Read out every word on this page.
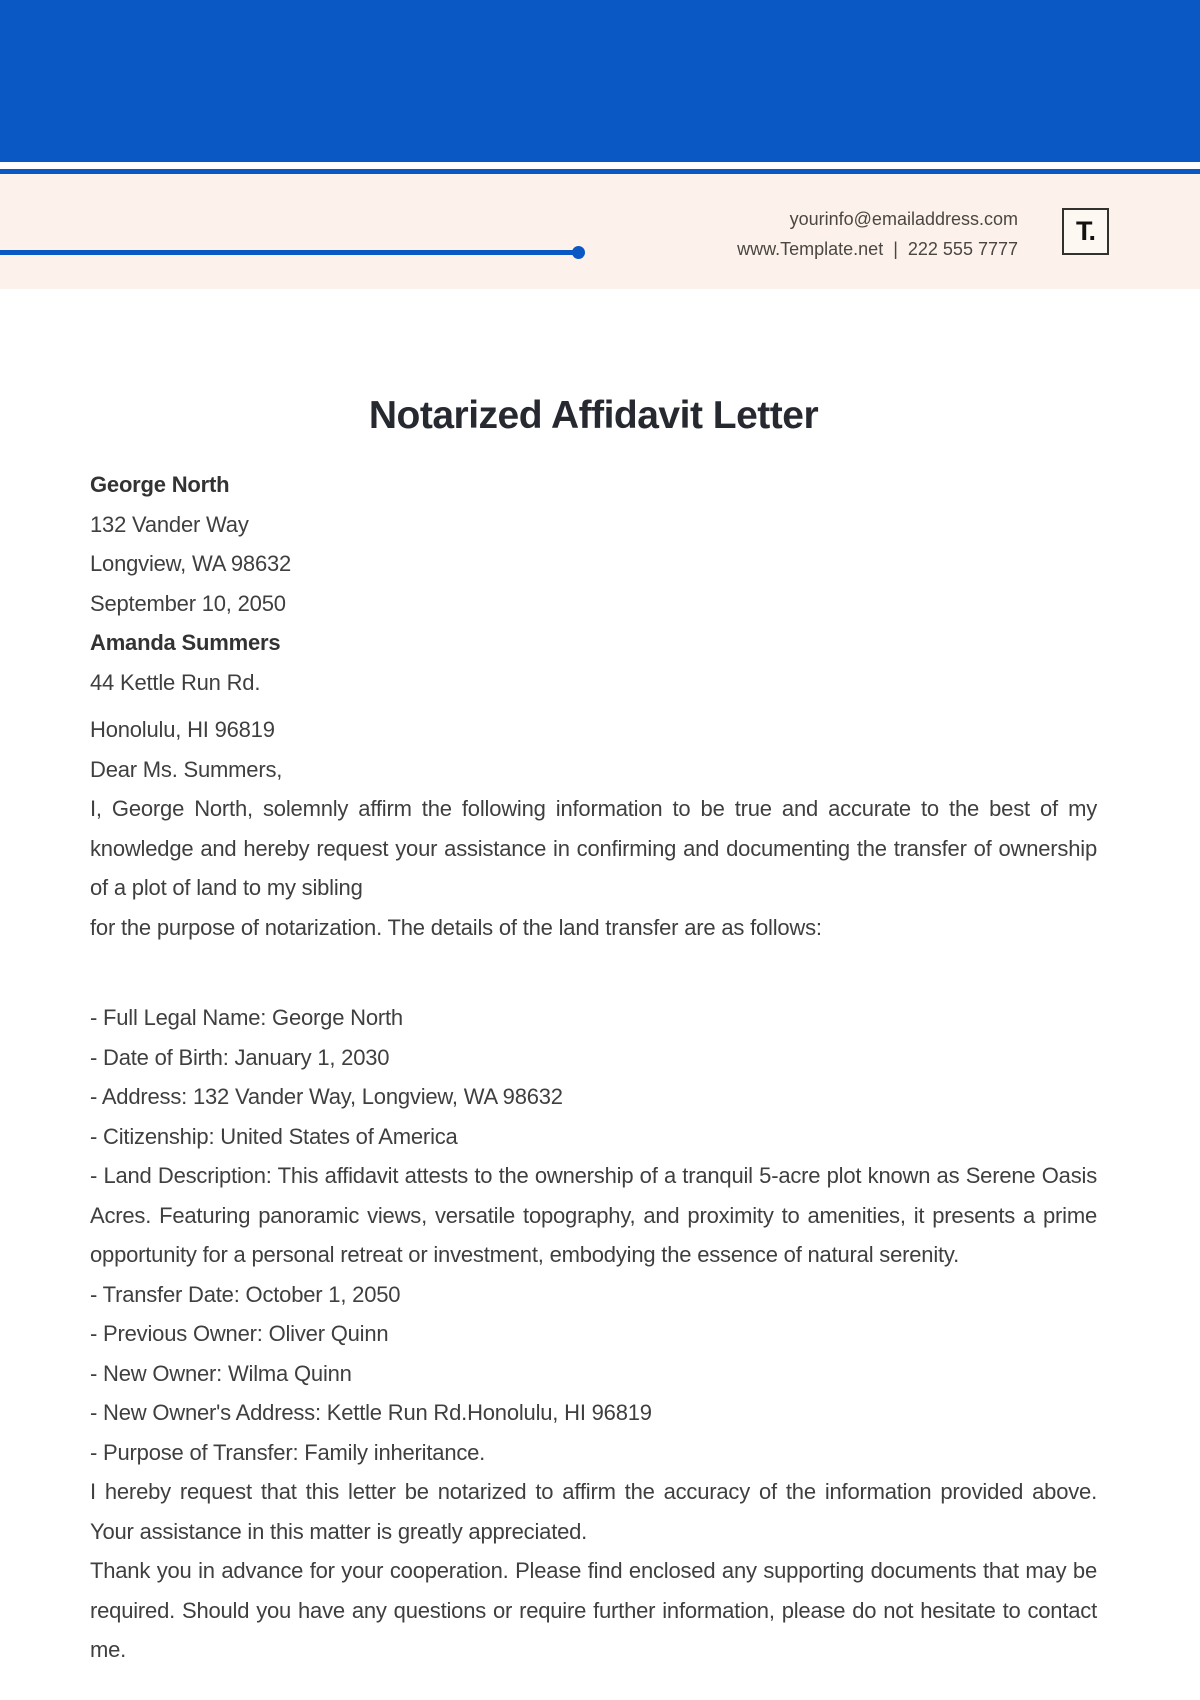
yourinfo@emailaddress.com
www.Template.net | 222 555 7777
T.
Notarized Affidavit Letter

George North

132 Vander Way

Longview, WA 98632

September 10, 2050

Amanda Summers

44 Kettle Run Rd.

Honolulu, HI 96819

Dear Ms. Summers,

I, George North, solemnly affirm the following information to be true and accurate to the best of my knowledge and hereby request your assistance in confirming and documenting the transfer of ownership of a plot of land to my sibling

for the purpose of notarization. The details of the land transfer are as follows:

- Full Legal Name: George North

- Date of Birth: January 1, 2030

- Address: 132 Vander Way, Longview, WA 98632

- Citizenship: United States of America

- Land Description: This affidavit attests to the ownership of a tranquil 5-acre plot known as Serene Oasis Acres. Featuring panoramic views, versatile topography, and proximity to amenities, it presents a prime opportunity for a personal retreat or investment, embodying the essence of natural serenity.

- Transfer Date: October 1, 2050

- Previous Owner: Oliver Quinn

- New Owner: Wilma Quinn

- New Owner's Address: Kettle Run Rd.Honolulu, HI 96819

- Purpose of Transfer: Family inheritance.

I hereby request that this letter be notarized to affirm the accuracy of the information provided above. Your assistance in this matter is greatly appreciated.

Thank you in advance for your cooperation. Please find enclosed any supporting documents that may be required. Should you have any questions or require further information, please do not hesitate to contact me.
